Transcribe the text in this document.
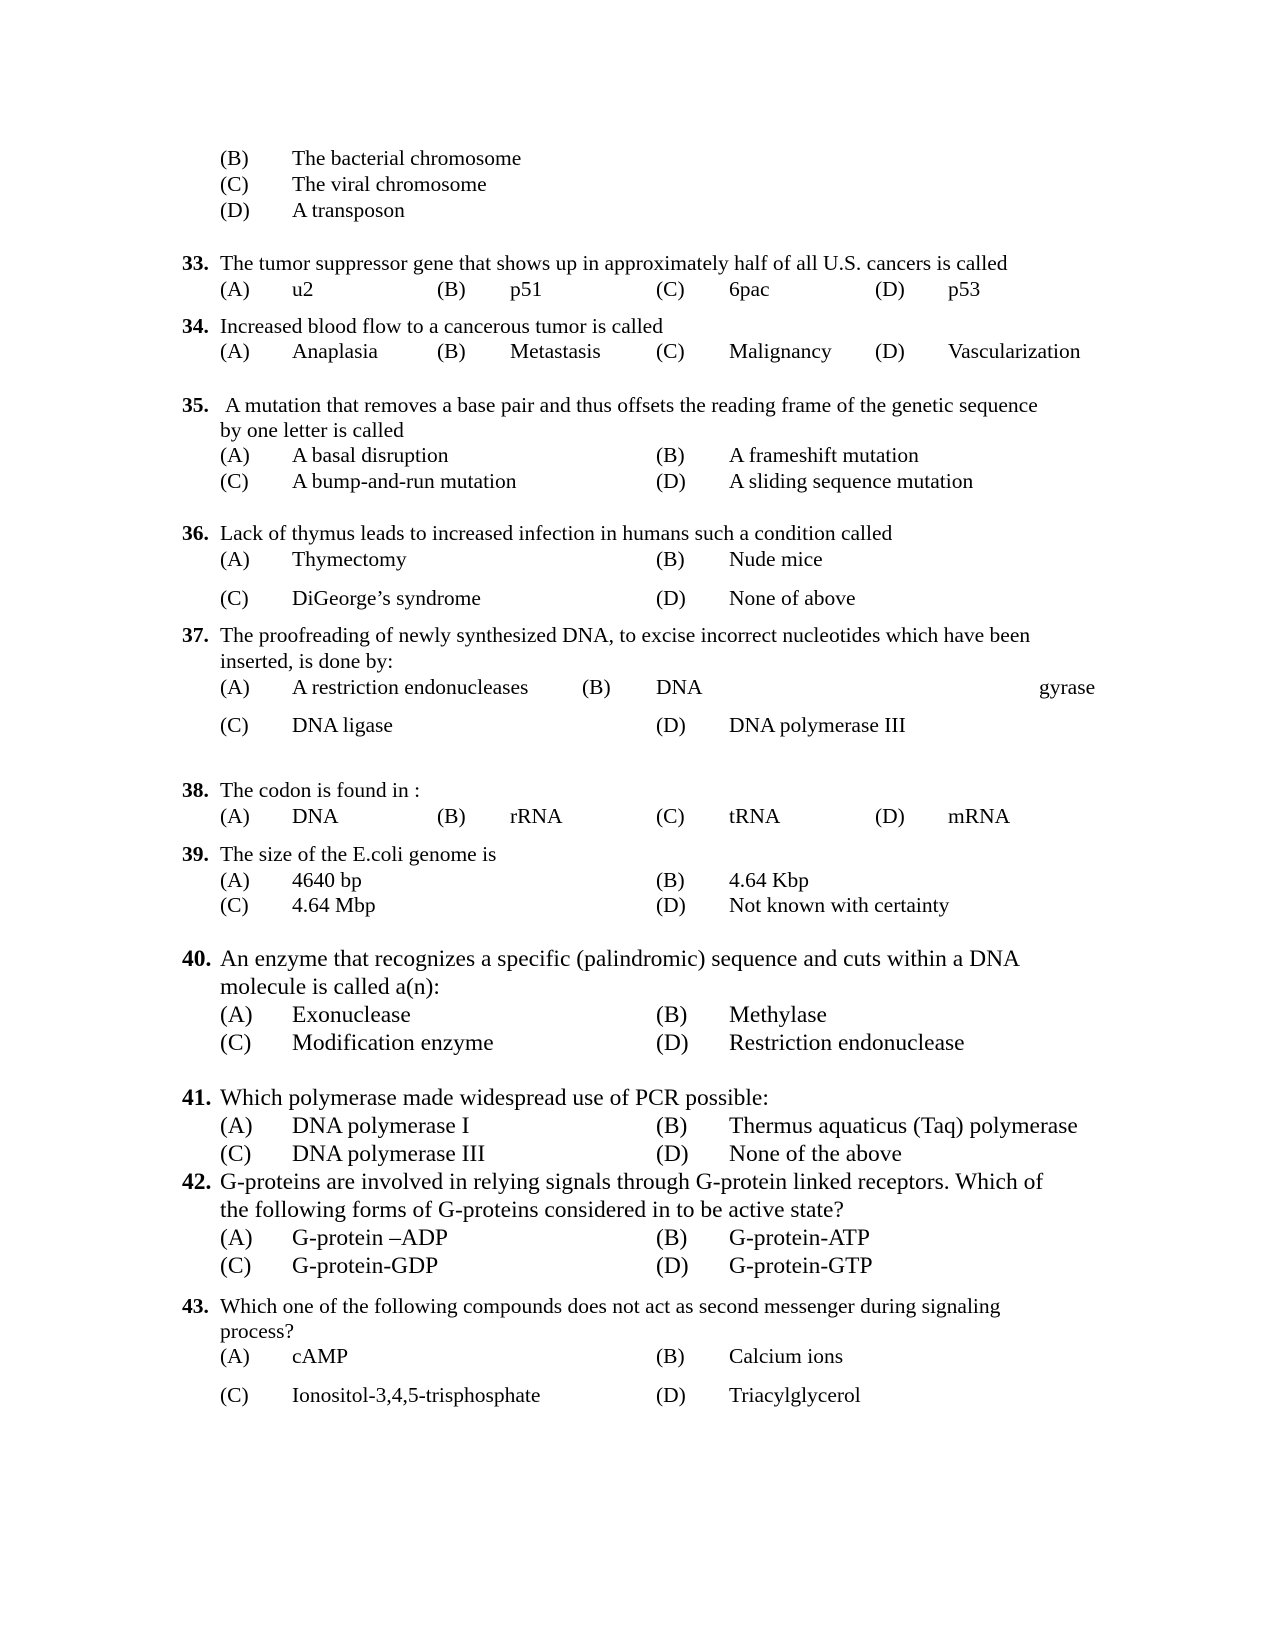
(B) The bacterial chromosome
(C) The viral chromosome
(D) A transposon
33. The tumor suppressor gene that shows up in approximately half of all U.S. cancers is called
(A) u2	(B) p51	(C) 6pac	(D) p53
34. Increased blood flow to a cancerous tumor is called
(A) Anaplasia	(B) Metastasis	(C) Malignancy (D) Vascularization
35. A mutation that removes a base pair and thus offsets the reading frame of the genetic sequence
by one letter is called
(A) A basal disruption	(B) A frameshift mutation
(C) A bump-and-run mutation	(D) A sliding sequence mutation
36. Lack of thymus leads to increased infection in humans such a condition called
(A) Thymectomy	(B) Nude mice
(C) DiGeorge’s syndrome	(D) None of above
37. The proofreading of newly synthesized DNA, to excise incorrect nucleotides which have been
inserted, is done by:
(A) A restriction endonucleases (B) DNA	gyrase
(C) DNA ligase	(D) DNA polymerase III
38. The codon is found in :
(A) DNA	(B) rRNA	(C) tRNA	(D) mRNA
39. The size of the E.coli genome is
(A) 4640 bp	(B) 4.64 Kbp
(C) 4.64 Mbp	(D) Not known with certainty
40. An enzyme that recognizes a specific (palindromic) sequence and cuts within a DNA
molecule is called a(n):
(A) Exonuclease	(B) Methylase
(C) Modification enzyme	(D) Restriction endonuclease
41. Which polymerase made widespread use of PCR possible:
(A) DNA polymerase I	(B) Thermus aquaticus (Taq) polymerase
(C) DNA polymerase III	(D) None of the above
42. G-proteins are involved in relying signals through G-protein linked receptors. Which of
the following forms of G-proteins considered in to be active state?
(A) G-protein –ADP	(B) G-protein-ATP
(C) G-protein-GDP	(D) G-protein-GTP
43. Which one of the following compounds does not act as second messenger during signaling
process?
(A) cAMP	(B) Calcium ions
(C) Ionositol-3,4,5-trisphosphate	(D) Triacylglycerol
